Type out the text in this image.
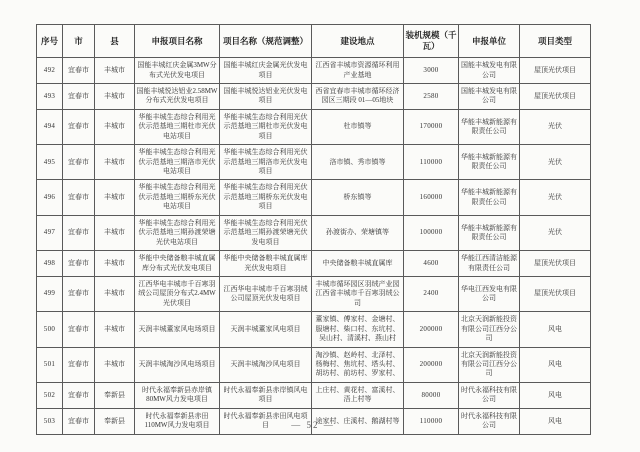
序号	市	县	申报项目名称	项目名称（规范调整）	建设地点	装机规模（千瓦）	申报单位	项目类型
492	宜春市	丰城市	国能丰城红庆金属3MW分布式光伏发电项目	国能丰城红庆金属光伏发电项目	江西省丰城市资源循环利用产业基地	3000	国能丰城发电有限公司	屋顶光伏项目
493	宜春市	丰城市	国能丰城悦达铝业2.58MW分布式光伏发电项目	国能丰城悦达铝业光伏发电项目	西省宜春市丰城市循环经济园区三期段 01—05地块	2580	国能丰城发电有限公司	屋顶光伏项目
494	宜春市	丰城市	华能丰城生态综合利用光伏示范基地三期杜市光伏电站项目	华能丰城生态综合利用光伏示范基地三期杜市光伏发电项目	杜市镇等	170000	华能丰城新能源有限责任公司	光伏
495	宜春市	丰城市	华能丰城生态综合利用光伏示范基地三期洛市光伏电站项目	华能丰城生态综合利用光伏示范基地三期洛市光伏发电项目	洛市镇、秀市镇等	110000	华能丰城新能源有限责任公司	光伏
496	宜春市	丰城市	华能丰城生态综合利用光伏示范基地三期桥东光伏电站项目	华能丰城生态综合利用光伏示范基地三期桥东光伏发电项目	桥东镇等	160000	华能丰城新能源有限责任公司	光伏
497	宜春市	丰城市	华能丰城生态综合利用光伏示范基地三期孙渡荣塘光伏电站项目	华能丰城生态综合利用光伏示范基地三期孙渡荣塘光伏发电项目	孙渡街办、荣塘镇等	100000	华能丰城新能源有限责任公司	光伏
498	宜春市	丰城市	华能中央储备粮丰城直属库分布式光伏发电项目	华能中央储备粮丰城直属库光伏发电项目	中央储备粮丰城直属库	4600	华能江西清洁能源有限责任公司	屋顶光伏项目
499	宜春市	丰城市	江西华电丰城市千百寒羽绒公司屋顶分布式2.4MW光伏项目	江西华电丰城市千百寒羽绒公司屋顶光伏发电项目	丰城市循环园区羽绒产业园江西省丰城市千百寒羽绒公司	2400	华电江西发电有限公司	屋顶光伏项目
500	宜春市	丰城市	天润丰城董家风电场项目	天润丰城董家风电项目	董家镇、傅家村、金塘村、服塘村、柴口村、东坑村、吴山村、清溪村、燕山村	200000	北京天润新能投资有限公司江西分公司	风电
501	宜春市	丰城市	天润丰城淘沙风电场项目	天润丰城淘沙风电项目	淘沙镇、赵岭村、北泽村、杨梅村、焦坑村、塔头村、胡坊村、前坊村、罗家村、	200000	北京天润新能投资有限公司江西分公司	风电
502	宜春市	奉新县	时代永福奉新县赤岸镇80MW风力发电项目	时代永福奉新县赤岸镇风电项目	上庄村、黄花村、富溪村、浯上村等	80000	时代永福科技有限公司	风电
503	宜春市	奉新县	时代永福奉新县赤田110MW风力发电项目	时代永福奉新县赤田风电项目	途家村、庄溪村、鹅湖村等	110000	时代永福科技有限公司	风电
— 52 —
